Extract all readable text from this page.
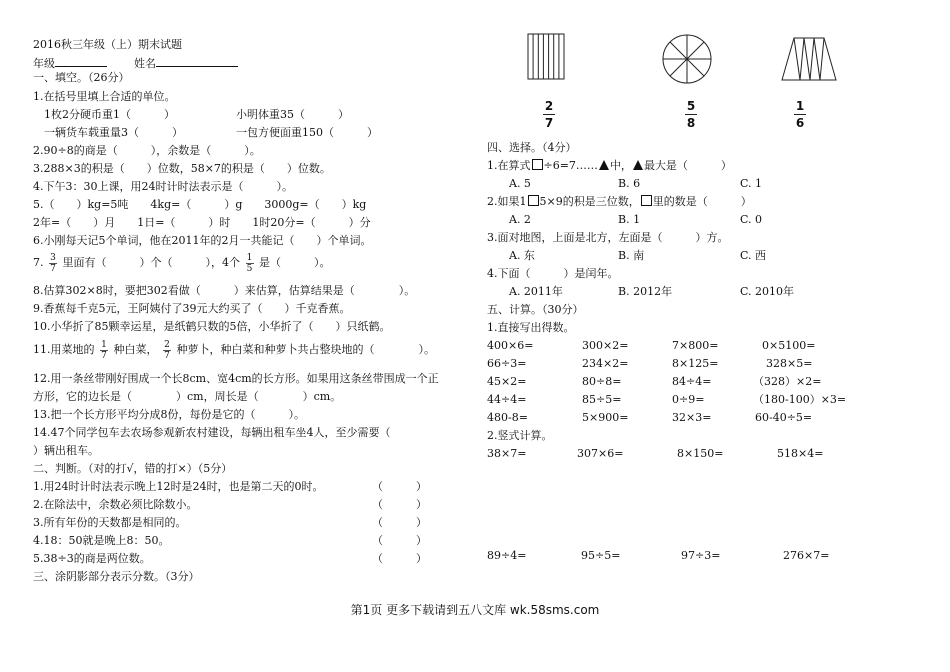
2016秋三年级（上）期末试题
年级	姓名
一、填空。（26分）
1.在括号里填上合适的单位。
1枚2分硬币重1（　　　）	小明体重35（　　　）
一辆货车载重量3（　　　）	一包方便面重150（　　　）
2.90÷8的商是（　　　），余数是（　　　）。
3.288×3的积是（　　）位数，58×7的积是（　　）位数。
4.下午3：30上课，用24时计时法表示是（　　　）。
5.（　　）kg=5吨　　4kg=（　　　）g　　3000g=（　　）kg
2年=（　　）月　　1日=（　　　）时　　1时20分=（　　　）分
6.小刚每天记5个单词，他在2011年的2月一共能记（　　）个单词。
7. $\frac{3}{7}$ 里面有（　　　）个（　　　），4个 $\frac{1}{5}$ 是（　　　）。
8.估算302×8时，要把302看做（　　　）来估算，估算结果是（　　　　）。
9.香蕉每千克5元，王阿姨付了39元大约买了（　　）千克香蕉。
10.小华折了85颗幸运星，是纸鹤只数的5倍，小华折了（　　）只纸鹤。
11.用菜地的 $\frac{1}{7}$ 种白菜， $\frac{2}{7}$ 种萝卜，种白菜和种萝卜共占整块地的（　　　　）。
12.用一条丝带刚好围成一个长8cm、宽4cm的长方形。如果用这条丝带围成一个正
方形，它的边长是（　　　　）cm，周长是（　　　　）cm。
13.把一个长方形平均分成8份，每份是它的（　　　）。
14.47个同学包车去农场参观新农村建设，每辆出租车坐4人，至少需要（
）辆出租车。
二、判断。（对的打√，错的打×）（5分）
1.用24时计时法表示晚上12时是24时，也是第二天的0时。	（　　　）
2.在除法中，余数必须比除数小。	（　　　）
3.所有年份的天数都是相同的。	（　　　）
4.18：50就是晚上8：50。	（　　　）
5.38÷3的商是两位数。	（　　　）
三、涂阴影部分表示分数。（3分）
2
7
5
8
1
6
四、选择。（4分）
1.在算式 ÷6=7…… 中， 最大是（　　　）
A. 5	B. 6	C. 1
2.如果1 5×9的积是三位数， 里的数是（　　　）
A. 2	B. 1	C. 0
3.面对地图，上面是北方，左面是（　　　）方。
A. 东	B. 南	C. 西
4.下面（　　　）是闰年。
A. 2011年	B. 2012年	C. 2010年
五、计算。（30分）
1.直接写出得数。
400×6=	300×2=	7×800=	0×5100=
66÷3=	234×2=	8×125=	328×5=
45×2=	80÷8=	84÷4=	（328）×2=
44÷4=	85÷5=	0÷9=	（180-100）×3=
480-8=	5×900=	32×3=	60-40÷5=
2.竖式计算。
38×7=	307×6=	8×150=	518×4=
89÷4=	95÷5=	97÷3=	276×7=
第1页 更多下载请到五八文库 wk.58sms.com
